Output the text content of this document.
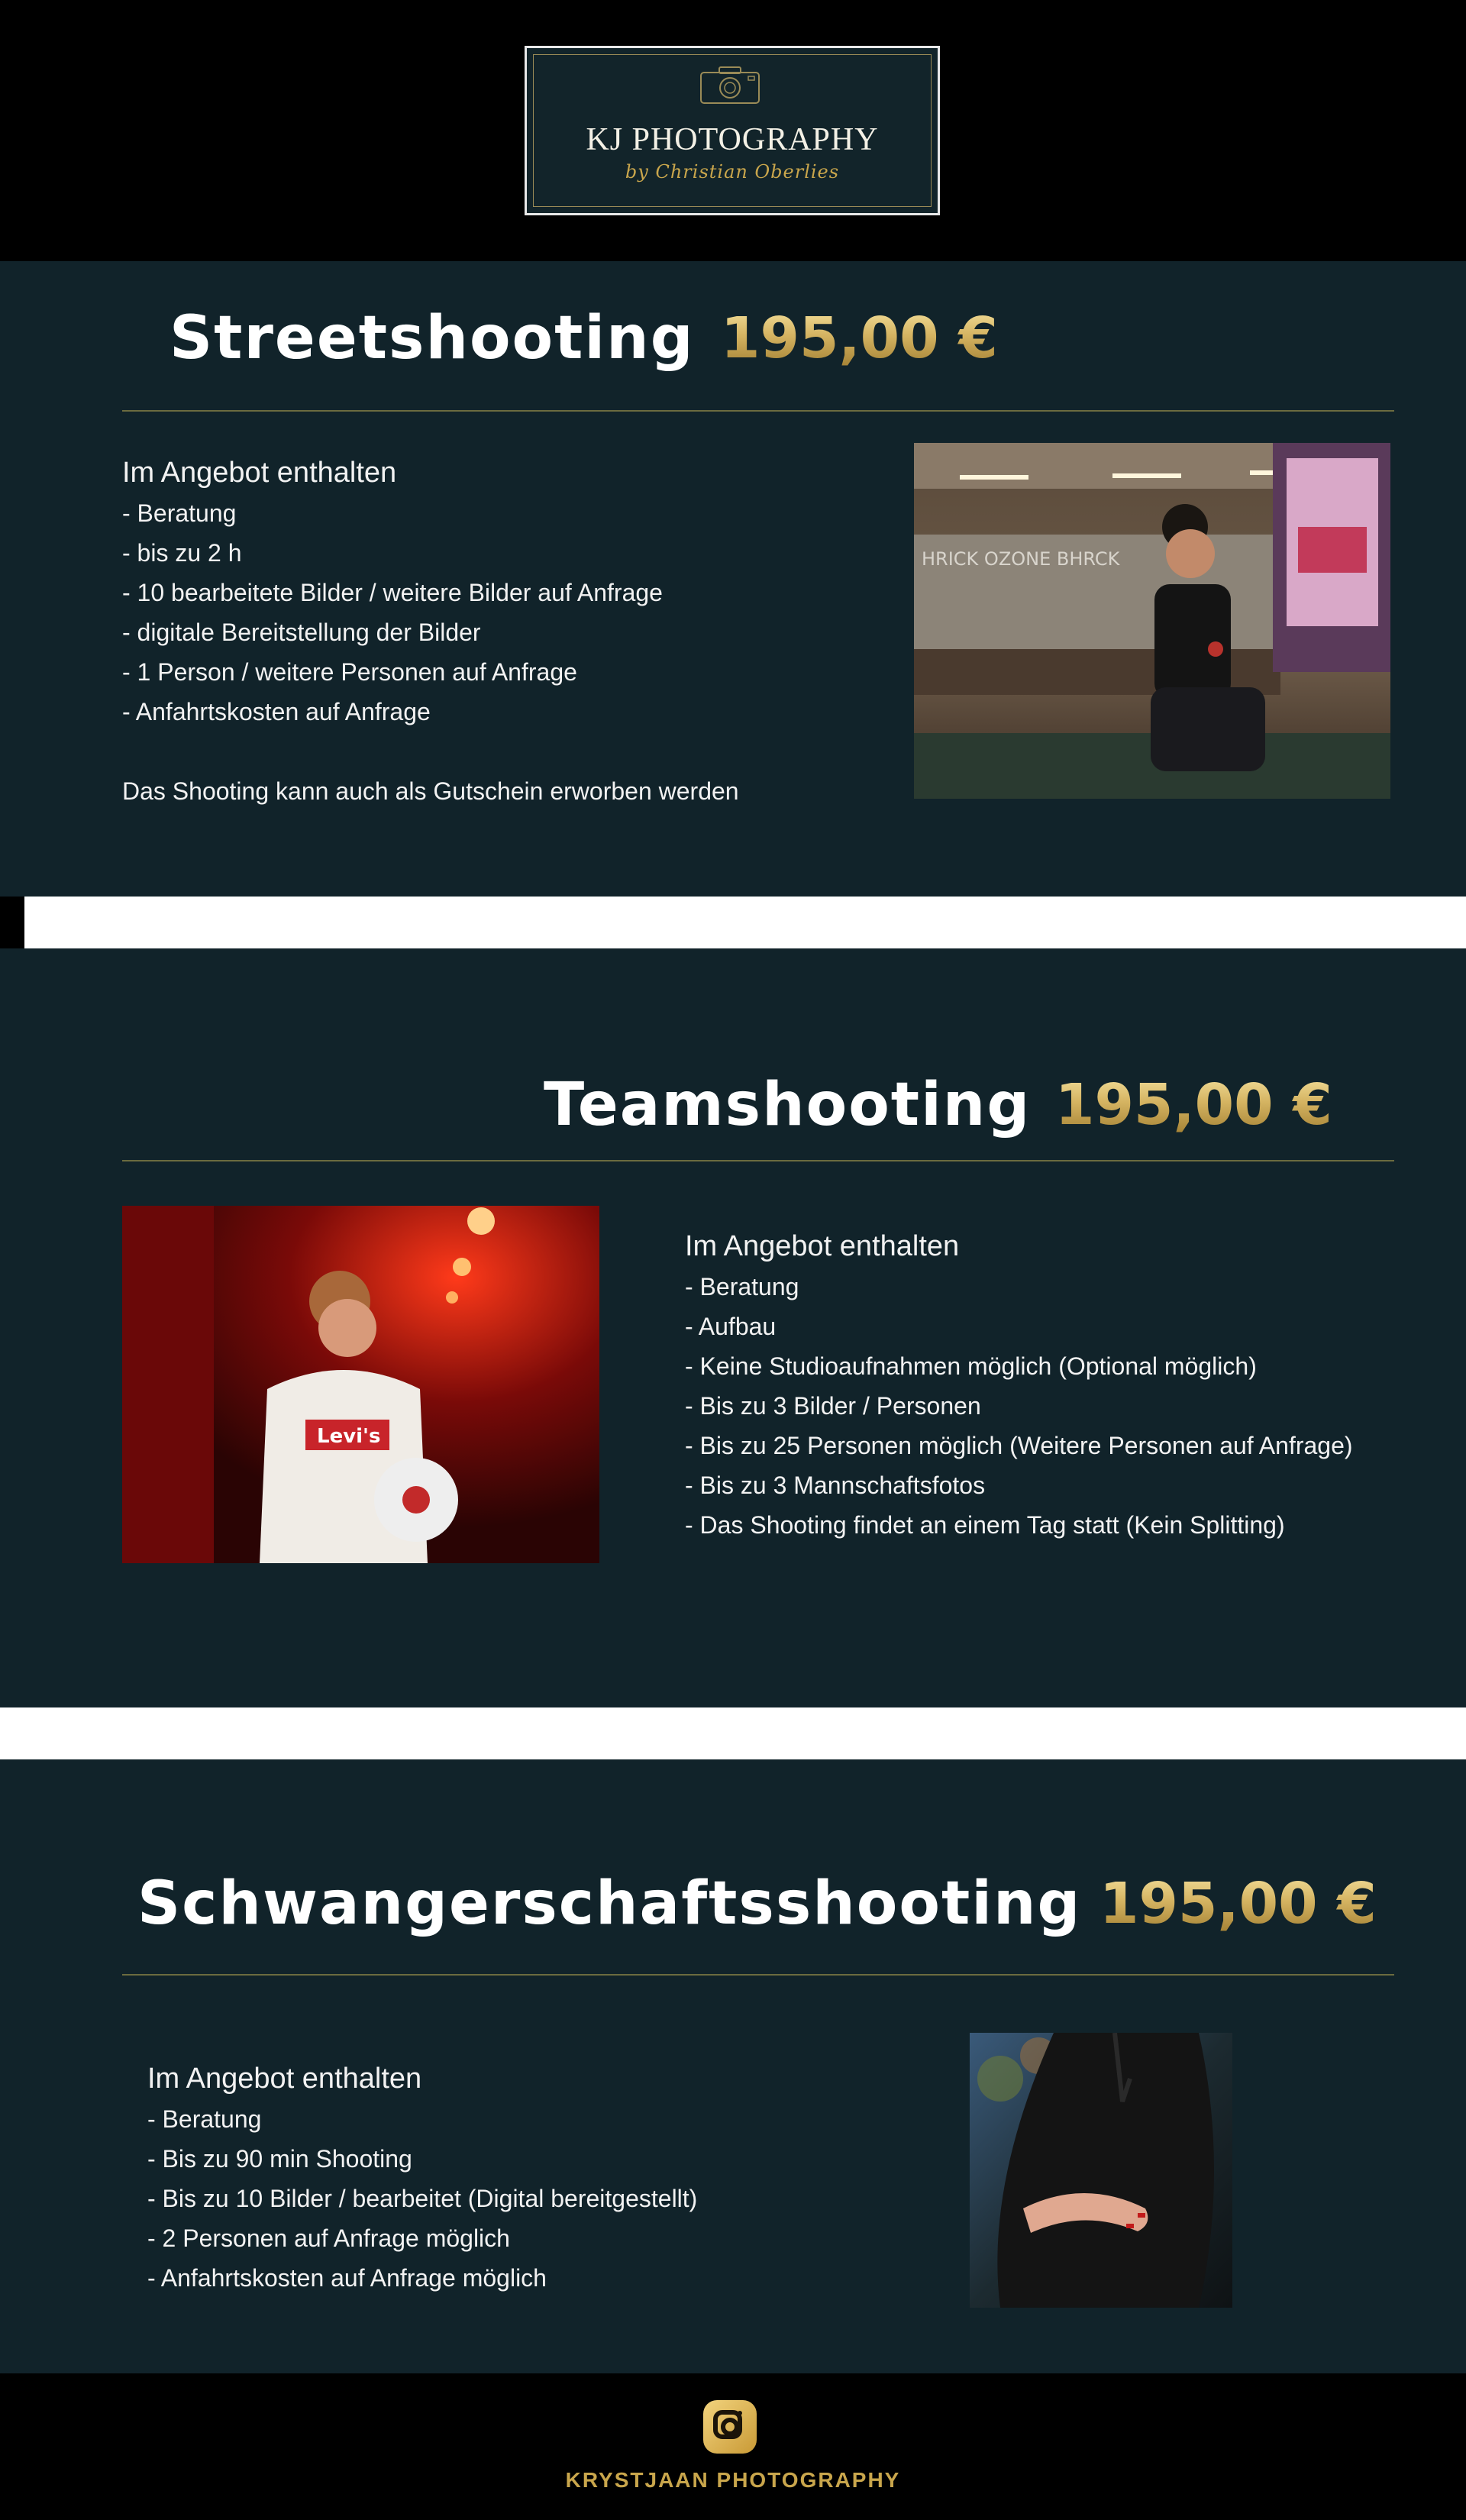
KJ PHOTOGRAPHY
by Christian Oberlies
Streetshooting 195,00 €
Im Angebot enthalten
- Beratung
- bis zu 2 h
- 10 bearbeitete Bilder / weitere Bilder auf Anfrage
- digitale Bereitstellung der Bilder
- 1 Person / weitere Personen auf Anfrage
- Anfahrtskosten auf Anfrage
Das Shooting kann auch als Gutschein erworben werden
HRICK OZONE BHRCK
Teamshooting 195,00 €
Levi's
Im Angebot enthalten
- Beratung
- Aufbau
- Keine Studioaufnahmen möglich (Optional möglich)
- Bis zu 3 Bilder / Personen
- Bis zu 25 Personen möglich (Weitere Personen auf Anfrage)
- Bis zu 3 Mannschaftsfotos
- Das Shooting findet an einem Tag statt (Kein Splitting)
Schwangerschaftsshooting 195,00 €
Im Angebot enthalten
- Beratung
- Bis zu 90 min Shooting
- Bis zu 10 Bilder / bearbeitet (Digital bereitgestellt)
- 2 Personen auf Anfrage möglich
- Anfahrtskosten auf Anfrage möglich
KRYSTJAAN PHOTOGRAPHY
